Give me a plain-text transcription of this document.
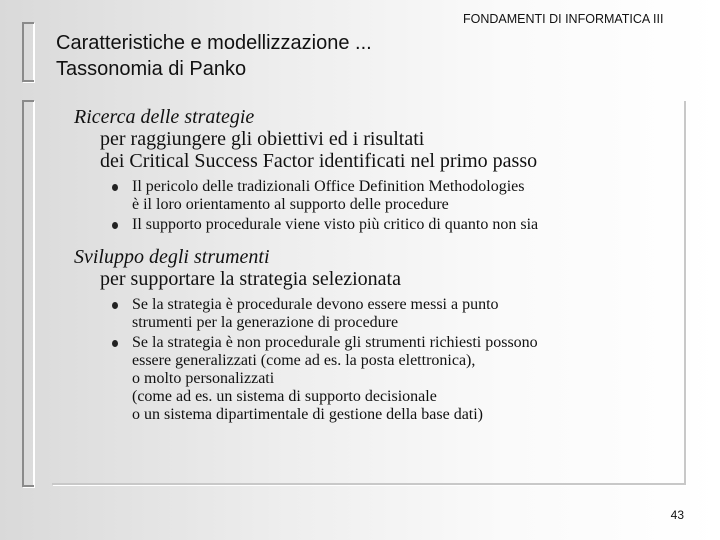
FONDAMENTI DI INFORMATICA III
Caratteristiche e modellizzazione ...
Tassonomia di Panko

Ricerca delle strategie

per raggiungere gli obiettivi ed i risultati

dei Critical Success Factor identificati nel primo passo

Il pericolo delle tradizionali Office Definition Methodologies
è il loro orientamento al supporto delle procedure
Il supporto procedurale viene visto più critico di quanto non sia

Sviluppo degli strumenti

per supportare la strategia selezionata

Se la strategia è procedurale devono essere messi a punto
strumenti per la generazione di procedure
Se la strategia è non procedurale gli strumenti richiesti possono
essere generalizzati (come ad es. la posta elettronica),
o molto personalizzati
(come ad es. un sistema di supporto decisionale
o un sistema dipartimentale di gestione della base dati)
43
